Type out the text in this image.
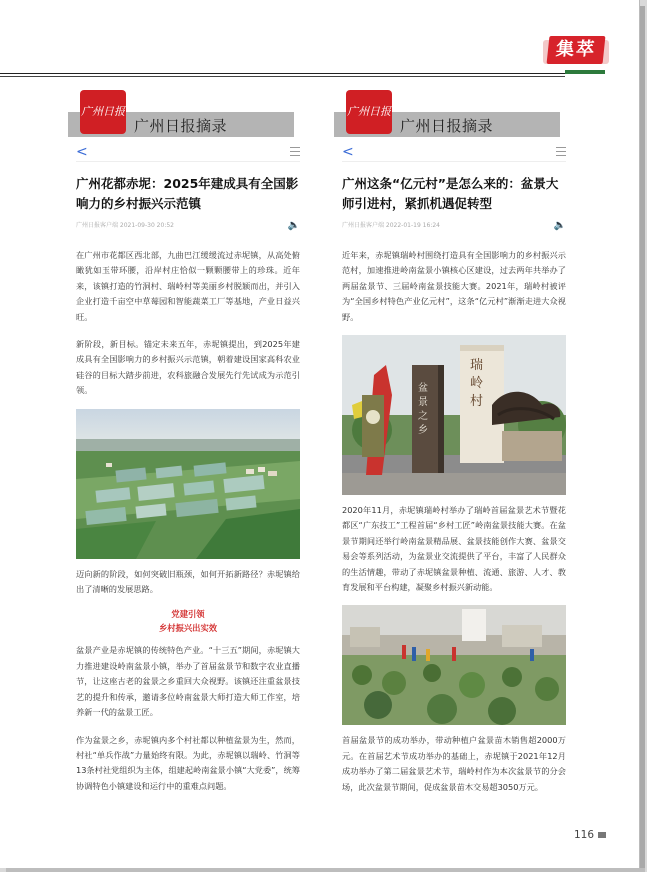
集萃
广州日报
广州日报摘录
<
广州花都赤坭：2025年建成具有全国影响力的乡村振兴示范镇
广州日报客户端 2021-09-30 20:52	🔈
在广州市花都区西北部，九曲巴江缓缓流过赤坭镇，从高处俯瞰犹如玉带环腰，沿岸村庄恰似一颗颗腰带上的珍珠。近年来，该镇打造的竹洞村、瑞岭村等美丽乡村脱颖而出，并引入企业打造千亩空中草莓园和智能蔬菜工厂等基地，产业日益兴旺。
新阶段，新目标。锚定未来五年，赤坭镇提出，到2025年建成具有全国影响力的乡村振兴示范镇，朝着建设国家高科农业硅谷的目标大踏步前进，农科旅融合发展先行先试成为示范引领。
迈向新的阶段，如何突破旧瓶颈，如何开拓新路径？赤坭镇给出了清晰的发展思路。
党建引领
乡村振兴出实效
盆景产业是赤坭镇的传统特色产业。“十三五”期间，赤坭镇大力推进建设岭南盆景小镇，举办了首届盆景节和数字农业直播节，让这座古老的盆景之乡重回大众视野。该镇还注重盆景技艺的提升和传承，邀请多位岭南盆景大师打造大师工作室，培养新一代的盆景工匠。
作为盆景之乡，赤坭镇内多个村社都以种植盆景为生，然而，村社“单兵作战”力量始终有限。为此，赤坭镇以瑞岭、竹洞等13条村社党组织为主体，组建起岭南盆景小镇“大党委”，统筹协调特色小镇建设和运行中的重难点问题。
广州日报
广州日报摘录
<
广州这条“亿元村”是怎么来的：盆景大师引进村，紧抓机遇促转型
广州日报客户端 2022-01-19 16:24	🔈
近年来，赤坭镇瑞岭村围绕打造具有全国影响力的乡村振兴示范村，加速推进岭南盆景小镇核心区建设，过去两年共举办了两届盆景节、三届岭南盆景技能大赛。2021年，瑞岭村被评为“全国乡村特色产业亿元村”，这条“亿元村”渐渐走进大众视野。
瑞
岭
村
盆
景
之
乡
2020年11月，赤坭镇瑞岭村举办了瑞岭首届盆景艺术节暨花都区“广东技工”工程首届“乡村工匠”岭南盆景技能大赛。在盆景节期间还举行岭南盆景精品展、盆景技能创作大赛、盆景交易会等系列活动，为盆景业交流提供了平台，丰富了人民群众的生活情趣，带动了赤坭镇盆景种植、流通、旅游、人才、教育发展和平台构建，凝聚乡村振兴新动能。
首届盆景节的成功举办，带动种植户盆景苗木销售超2000万元。在首届艺术节成功举办的基础上，赤坭镇于2021年12月成功举办了第二届盆景艺术节，瑞岭村作为本次盆景节的分会场，此次盆景节期间，促成盆景苗木交易超3050万元。
116
